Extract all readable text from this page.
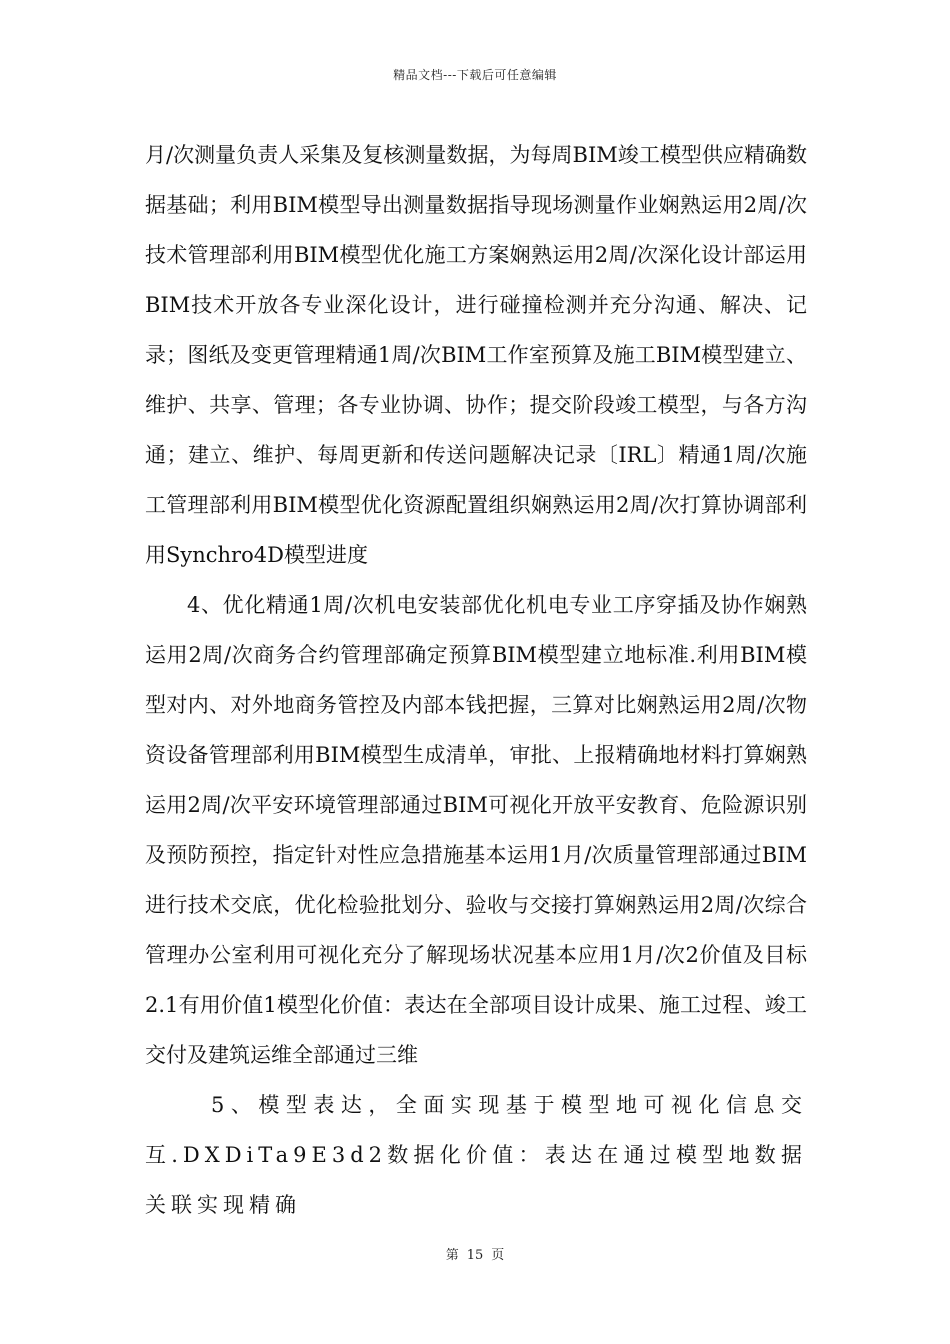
精品文档---下载后可任意编辑

月/次测量负责人采集及复核测量数据，为每周BIM竣工模型供应精确数据基础；利用BIM模型导出测量数据指导现场测量作业娴熟运用2周/次技术管理部利用BIM模型优化施工方案娴熟运用2周/次深化设计部运用BIM技术开放各专业深化设计，进行碰撞检测并充分沟通、解决、记录；图纸及变更管理精通1周/次BIM工作室预算及施工BIM模型建立、维护、共享、管理；各专业协调、协作；提交阶段竣工模型，与各方沟通；建立、维护、每周更新和传送问题解决记录〔IRL〕精通1周/次施工管理部利用BIM模型优化资源配置组织娴熟运用2周/次打算协调部利用Synchro4D模型进度

4、优化精通1周/次机电安装部优化机电专业工序穿插及协作娴熟运用2周/次商务合约管理部确定预算BIM模型建立地标准.利用BIM模型对内、对外地商务管控及内部本钱把握，三算对比娴熟运用2周/次物资设备管理部利用BIM模型生成清单，审批、上报精确地材料打算娴熟运用2周/次平安环境管理部通过BIM可视化开放平安教育、危险源识别及预防预控，指定针对性应急措施基本运用1月/次质量管理部通过BIM进行技术交底，优化检验批划分、验收与交接打算娴熟运用2周/次综合管理办公室利用可视化充分了解现场状况基本应用1月/次2价值及目标2.1有用价值1模型化价值：表达在全部项目设计成果、施工过程、竣工交付及建筑运维全部通过三维

5、模型表达，全面实现基于模型地可视化信息交互.DXDiTa9E3d2数据化价值：表达在通过模型地数据关联实现精确

第 15 页
